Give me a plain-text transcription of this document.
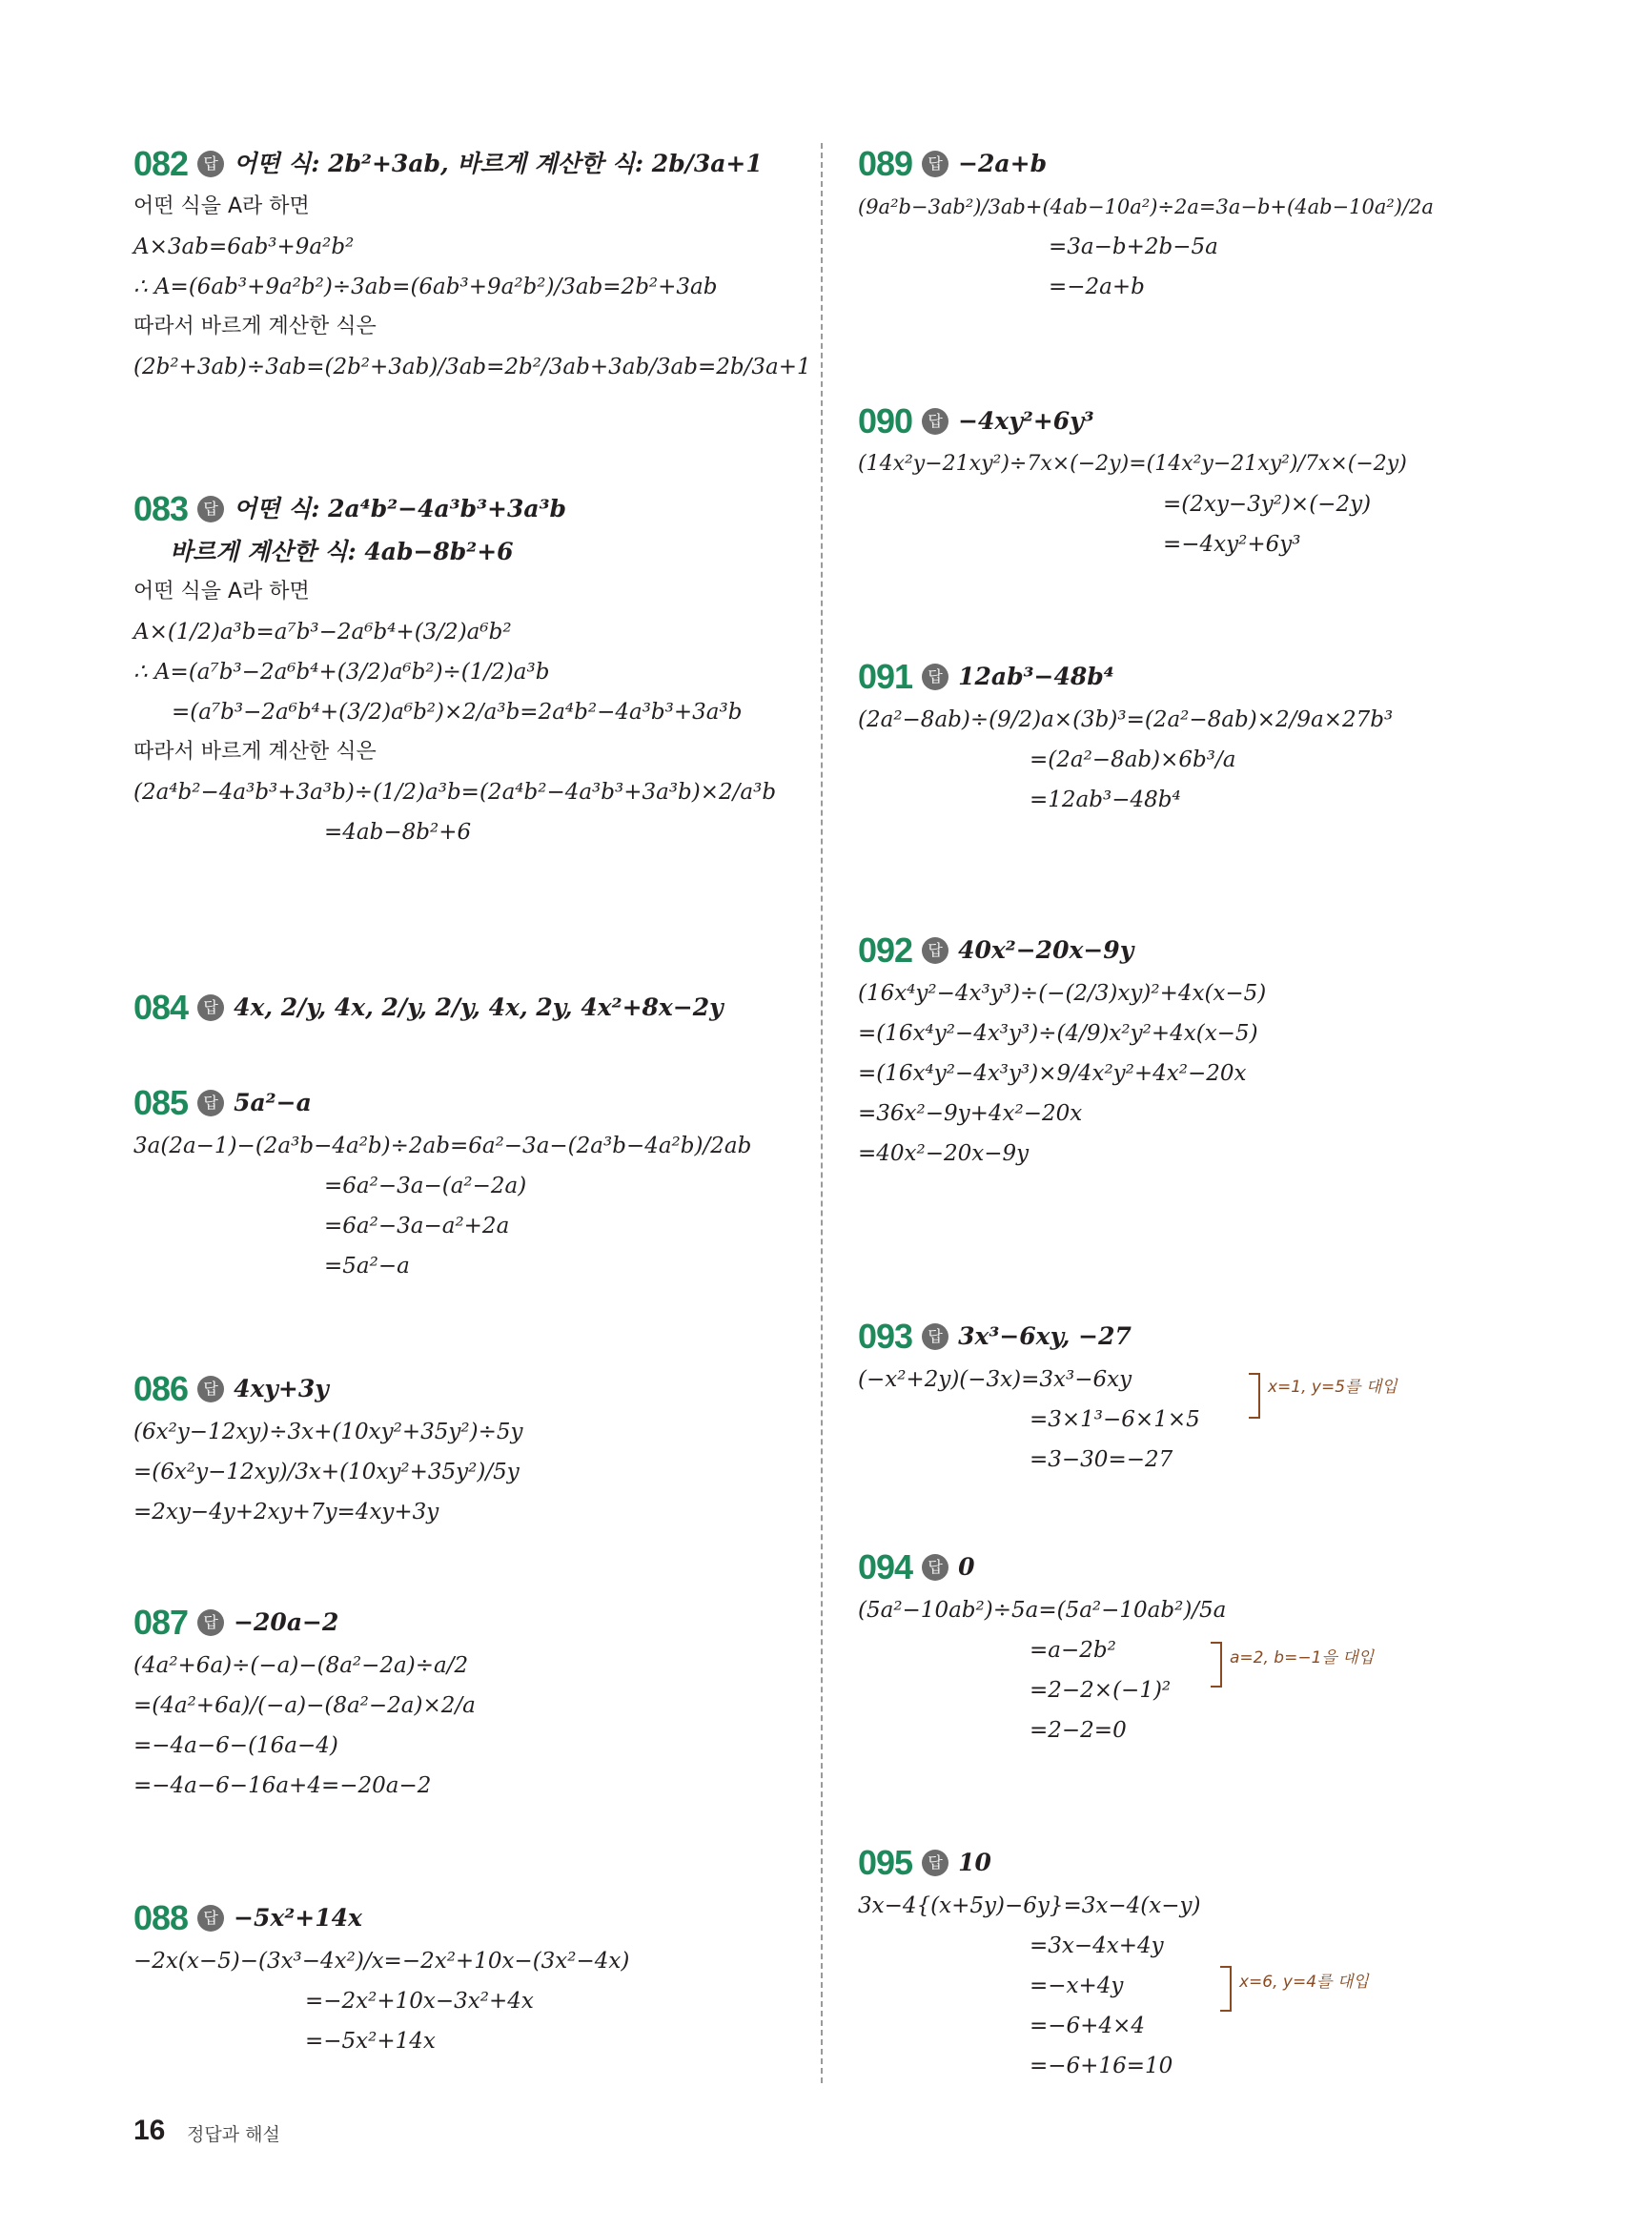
082	답 어떤 식: 2b²+3ab, 바르게 계산한 식: 2b/3a+1
어떤 식을 A라 하면
A×3ab=6ab³+9a²b²
∴ A=(6ab³+9a²b²)÷3ab=(6ab³+9a²b²)/3ab=2b²+3ab
따라서 바르게 계산한 식은
(2b²+3ab)÷3ab=(2b²+3ab)/3ab=2b²/3ab+3ab/3ab=2b/3a+1
083	답 어떤 식: 2a⁴b²−4a³b³+3a³b
바르게 계산한 식: 4ab−8b²+6
어떤 식을 A라 하면
A×(1/2)a³b=a⁷b³−2a⁶b⁴+(3/2)a⁶b²
∴ A=(a⁷b³−2a⁶b⁴+(3/2)a⁶b²)÷(1/2)a³b
=(a⁷b³−2a⁶b⁴+(3/2)a⁶b²)×2/a³b=2a⁴b²−4a³b³+3a³b
따라서 바르게 계산한 식은
(2a⁴b²−4a³b³+3a³b)÷(1/2)a³b=(2a⁴b²−4a³b³+3a³b)×2/a³b
=4ab−8b²+6
084	답 4x, 2/y, 4x, 2/y, 2/y, 4x, 2y, 4x²+8x−2y
085	답 5a²−a
3a(2a−1)−(2a³b−4a²b)÷2ab=6a²−3a−(2a³b−4a²b)/2ab
=6a²−3a−(a²−2a)
=6a²−3a−a²+2a
=5a²−a
086	답 4xy+3y
(6x²y−12xy)÷3x+(10xy²+35y²)÷5y
=(6x²y−12xy)/3x+(10xy²+35y²)/5y
=2xy−4y+2xy+7y=4xy+3y
087	답 −20a−2
(4a²+6a)÷(−a)−(8a²−2a)÷a/2
=(4a²+6a)/(−a)−(8a²−2a)×2/a
=−4a−6−(16a−4)
=−4a−6−16a+4=−20a−2
088	답 −5x²+14x
−2x(x−5)−(3x³−4x²)/x=−2x²+10x−(3x²−4x)
=−2x²+10x−3x²+4x
=−5x²+14x
089	답 −2a+b
(9a²b−3ab²)/3ab+(4ab−10a²)÷2a=3a−b+(4ab−10a²)/2a
=3a−b+2b−5a
=−2a+b
090	답 −4xy²+6y³
(14x²y−21xy²)÷7x×(−2y)=(14x²y−21xy²)/7x×(−2y)
=(2xy−3y²)×(−2y)
=−4xy²+6y³
091	답 12ab³−48b⁴
(2a²−8ab)÷(9/2)a×(3b)³=(2a²−8ab)×2/9a×27b³
=(2a²−8ab)×6b³/a
=12ab³−48b⁴
092	답 40x²−20x−9y
(16x⁴y²−4x³y³)÷(−(2/3)xy)²+4x(x−5)
=(16x⁴y²−4x³y³)÷(4/9)x²y²+4x(x−5)
=(16x⁴y²−4x³y³)×9/4x²y²+4x²−20x
=36x²−9y+4x²−20x
=40x²−20x−9y
093	답 3x³−6xy, −27
(−x²+2y)(−3x)=3x³−6xy
=3×1³−6×1×5
=3−30=−27
x=1, y=5를 대입
094	답 0
(5a²−10ab²)÷5a=(5a²−10ab²)/5a
=a−2b²
=2−2×(−1)²
=2−2=0
a=2, b=−1을 대입
095	답 10
3x−4{(x+5y)−6y}=3x−4(x−y)
=3x−4x+4y
=−x+4y
=−6+4×4
=−6+16=10
x=6, y=4를 대입
16 정답과 해설
